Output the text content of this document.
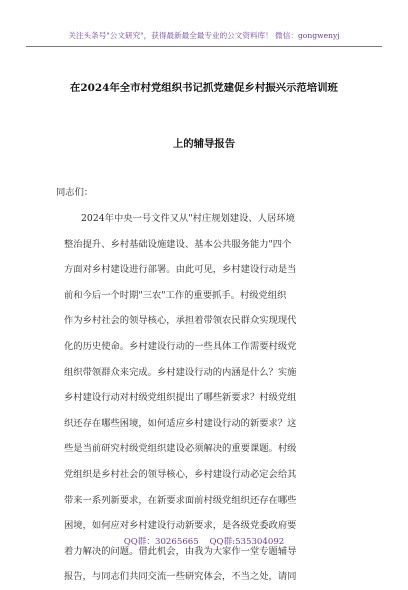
关注头条号"公文研究"，获得最新最全最专业的公文资料库！ 微信：gongwenyj
在2024年全市村党组织书记抓党建促乡村振兴示范培训班
上的辅导报告
同志们：
2024年中央一号文件又从"村庄规划建设、人居环境
整治提升、乡村基础设施建设、基本公共服务能力"四个
方面对乡村建设进行部署。由此可见，乡村建设行动是当
前和今后一个时期"三农"工作的重要抓手。村级党组织
作为乡村社会的领导核心，承担着带领农民群众实现现代
化的历史使命。乡村建设行动的一些具体工作需要村级党
组织带领群众来完成。乡村建设行动的内涵是什么？实施
乡村建设行动对村级党组织提出了哪些新要求？村级党组
织还存在哪些困境，如何适应乡村建设行动的新要求？这
些是当前研究村级党组织建设必须解决的重要课题。村级
党组织是乡村社会的领导核心，乡村建设行动必定会给其
带来一系列新要求，在新要求面前村级党组织还存在哪些
困境，如何应对乡村建设行动新要求，是各级党委政府要
着力解决的问题。借此机会，由我为大家作一堂专题辅导
报告，与同志们共同交流一些研究体会，不当之处，请同
QQ群：30265665 QQ群:535304092
